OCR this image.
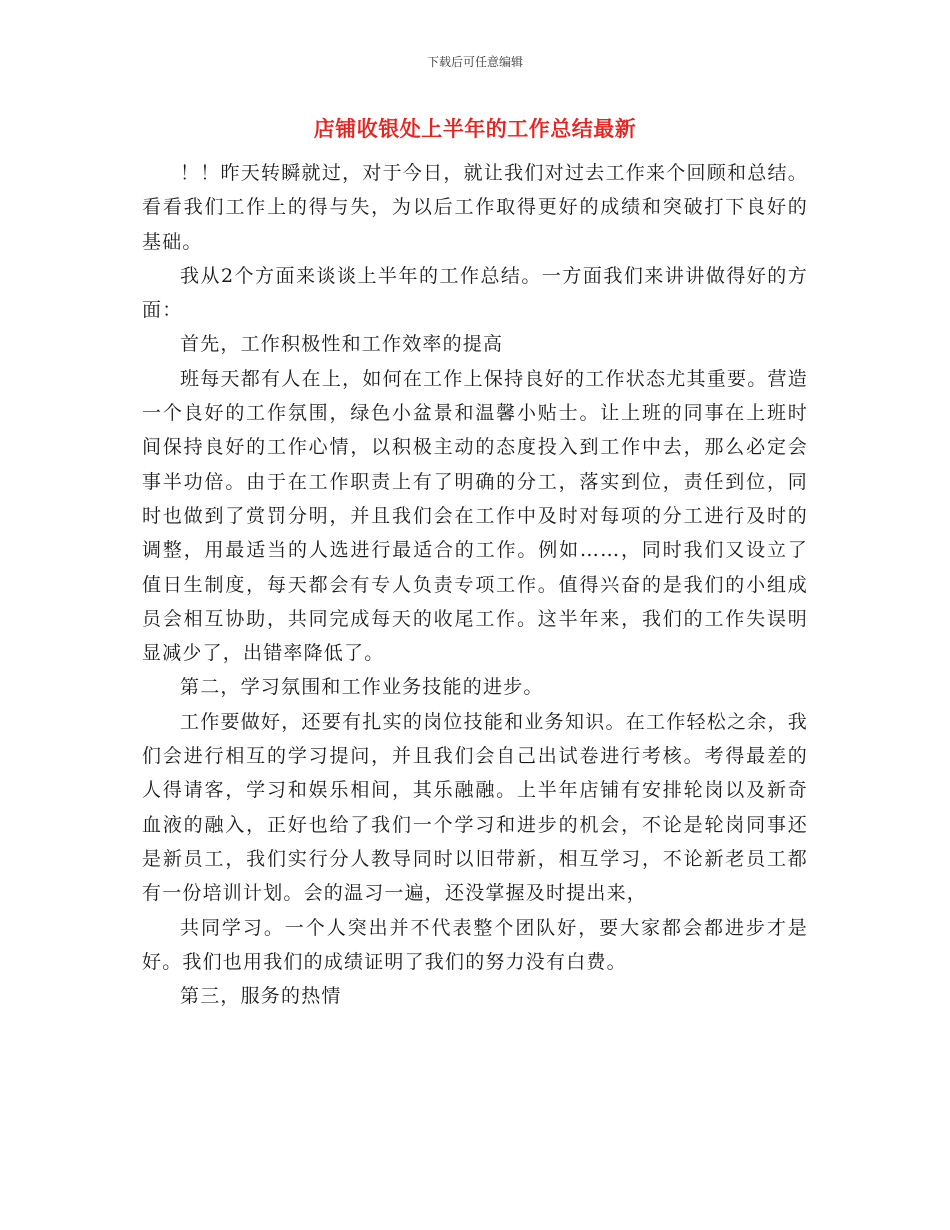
下载后可任意编辑
店铺收银处上半年的工作总结最新

！！昨天转瞬就过，对于今日，就让我们对过去工作来个回顾和总结。看看我们工作上的得与失，为以后工作取得更好的成绩和突破打下良好的基础。

我从2个方面来谈谈上半年的工作总结。一方面我们来讲讲做得好的方面：

首先，工作积极性和工作效率的提高

班每天都有人在上，如何在工作上保持良好的工作状态尤其重要。营造一个良好的工作氛围，绿色小盆景和温馨小贴士。让上班的同事在上班时间保持良好的工作心情，以积极主动的态度投入到工作中去，那么必定会事半功倍。由于在工作职责上有了明确的分工，落实到位，责任到位，同时也做到了赏罚分明，并且我们会在工作中及时对每项的分工进行及时的调整，用最适当的人选进行最适合的工作。例如……，同时我们又设立了值日生制度，每天都会有专人负责专项工作。值得兴奋的是我们的小组成员会相互协助，共同完成每天的收尾工作。这半年来，我们的工作失误明显减少了，出错率降低了。

第二，学习氛围和工作业务技能的进步。

工作要做好，还要有扎实的岗位技能和业务知识。在工作轻松之余，我们会进行相互的学习提问，并且我们会自己出试卷进行考核。考得最差的人得请客，学习和娱乐相间，其乐融融。上半年店铺有安排轮岗以及新奇血液的融入，正好也给了我们一个学习和进步的机会，不论是轮岗同事还是新员工，我们实行分人教导同时以旧带新，相互学习，不论新老员工都有一份培训计划。会的温习一遍，还没掌握及时提出来，

共同学习。一个人突出并不代表整个团队好，要大家都会都进步才是好。我们也用我们的成绩证明了我们的努力没有白费。

第三，服务的热情
